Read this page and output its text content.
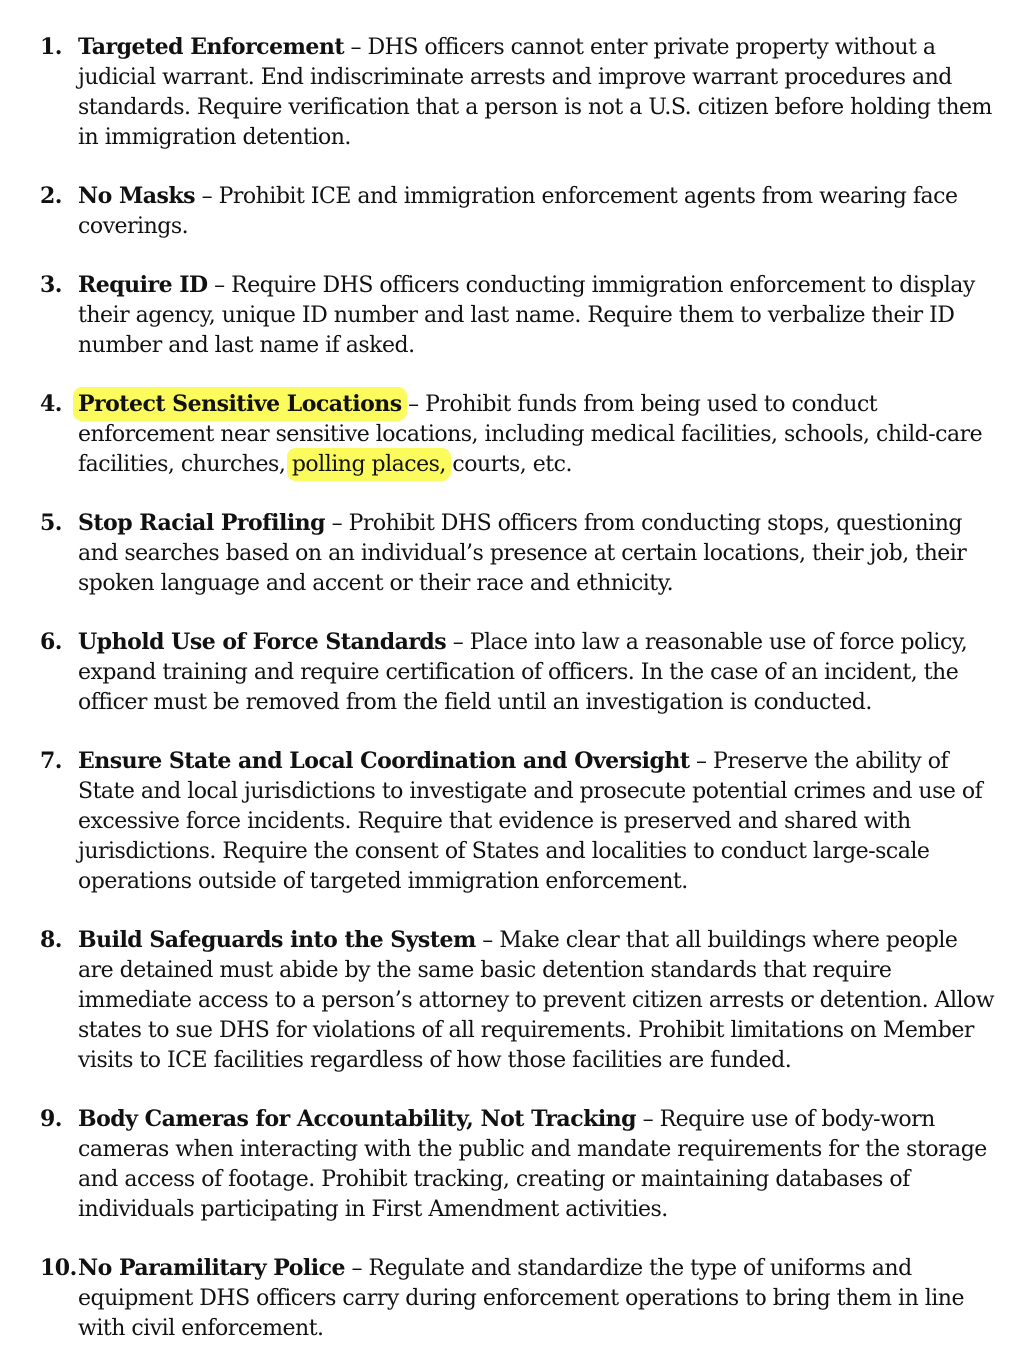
1. Targeted Enforcement – DHS officers cannot enter private property without a judicial warrant. End indiscriminate arrests and improve warrant procedures and standards. Require verification that a person is not a U.S. citizen before holding them in immigration detention.
2. No Masks – Prohibit ICE and immigration enforcement agents from wearing face coverings.
3. Require ID – Require DHS officers conducting immigration enforcement to display their agency, unique ID number and last name. Require them to verbalize their ID number and last name if asked.
4. Protect Sensitive Locations – Prohibit funds from being used to conduct enforcement near sensitive locations, including medical facilities, schools, child-care facilities, churches, polling places, courts, etc.
5. Stop Racial Profiling – Prohibit DHS officers from conducting stops, questioning and searches based on an individual’s presence at certain locations, their job, their spoken language and accent or their race and ethnicity.
6. Uphold Use of Force Standards – Place into law a reasonable use of force policy, expand training and require certification of officers. In the case of an incident, the officer must be removed from the field until an investigation is conducted.
7. Ensure State and Local Coordination and Oversight – Preserve the ability of State and local jurisdictions to investigate and prosecute potential crimes and use of excessive force incidents. Require that evidence is preserved and shared with jurisdictions. Require the consent of States and localities to conduct large-scale operations outside of targeted immigration enforcement.
8. Build Safeguards into the System – Make clear that all buildings where people are detained must abide by the same basic detention standards that require immediate access to a person’s attorney to prevent citizen arrests or detention. Allow states to sue DHS for violations of all requirements. Prohibit limitations on Member visits to ICE facilities regardless of how those facilities are funded.
9. Body Cameras for Accountability, Not Tracking – Require use of body-worn cameras when interacting with the public and mandate requirements for the storage and access of footage. Prohibit tracking, creating or maintaining databases of individuals participating in First Amendment activities.
10. No Paramilitary Police – Regulate and standardize the type of uniforms and equipment DHS officers carry during enforcement operations to bring them in line with civil enforcement.
